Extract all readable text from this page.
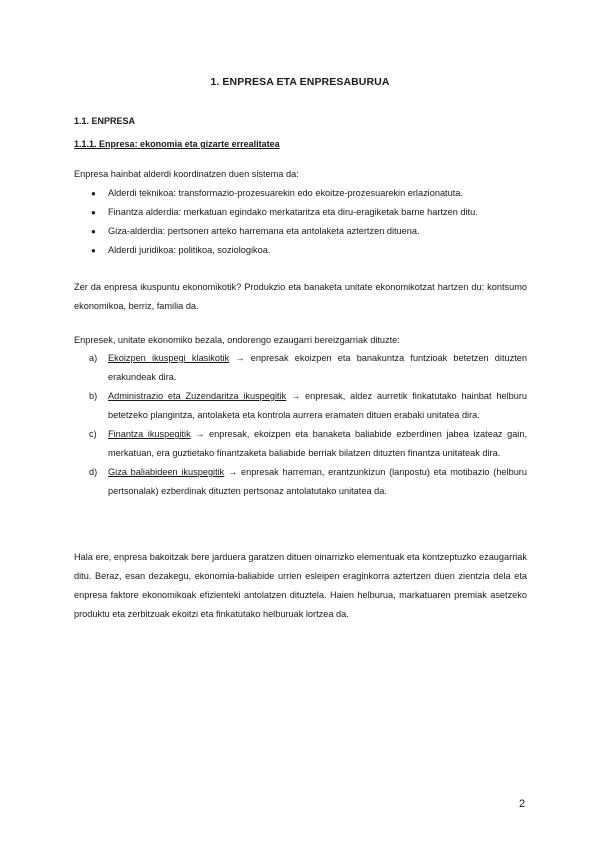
1. ENPRESA ETA ENPRESABURUA
1.1. ENPRESA
1.1.1. Enpresa: ekonomia eta gizarte errealitatea
Enpresa hainbat alderdi koordinatzen duen sistema da:
● Alderdi teknikoa: transformazio-prozesuarekin edo ekoitze-prozesuarekin erlazionatuta.
● Finantza alderdia: merkatuan egindako merkataritza eta diru-eragiketak barne hartzen ditu.
● Giza-alderdia: pertsonen arteko harremana eta antolaketa aztertzen dituena.
● Alderdi juridikoa: politikoa, soziologikoa.
Zer da enpresa ikuspuntu ekonomikotik? Produkzio eta banaketa unitate ekonomikotzat hartzen du: kontsumo ekonomikoa, berriz, familia da.
Enpresek, unitate ekonomiko bezala, ondorengo ezaugarri bereizgarriak dituzte:
a) Ekoizpen ikuspegi klasikotik → enpresak ekoizpen eta banakuntza funtzioak betetzen dituzten erakundeak dira.
b) Administrazio eta Zuzendaritza ikuspegitik → enpresak, aldez aurretik finkatutako hainbat helburu betetzeko plangintza, antolaketa eta kontrola aurrera eramaten dituen erabaki unitatea dira.
c) Finantza ikuspegitik → enpresak, ekoizpen eta banaketa baliabide ezberdinen jabea izateaz gain, merkatuan, era guztietako finantzaketa baliabide berriak bilatzen dituzten finantza unitateak dira.
d) Giza baliabideen ikuspegitik → enpresak harreman, erantzunkizun (lanpostu) eta motibazio (helburu pertsonalak) ezberdinak dituzten pertsonaz antolatutako unitatea da.
Hala ere, enpresa bakoitzak bere jarduera garatzen dituen oinarrizko elementuak eta kontzeptuzko ezaugarriak ditu. Beraz, esan dezakegu, ekonomia-baliabide urrien esleipen eraginkorra aztertzen duen zientzia dela eta enpresa faktore ekonomikoak efizienteki antolatzen dituztela. Haien helburua, markatuaren premiak asetzeko produktu eta zerbitzuak ekoitzi eta finkatutako helburuak lortzea da.
2
